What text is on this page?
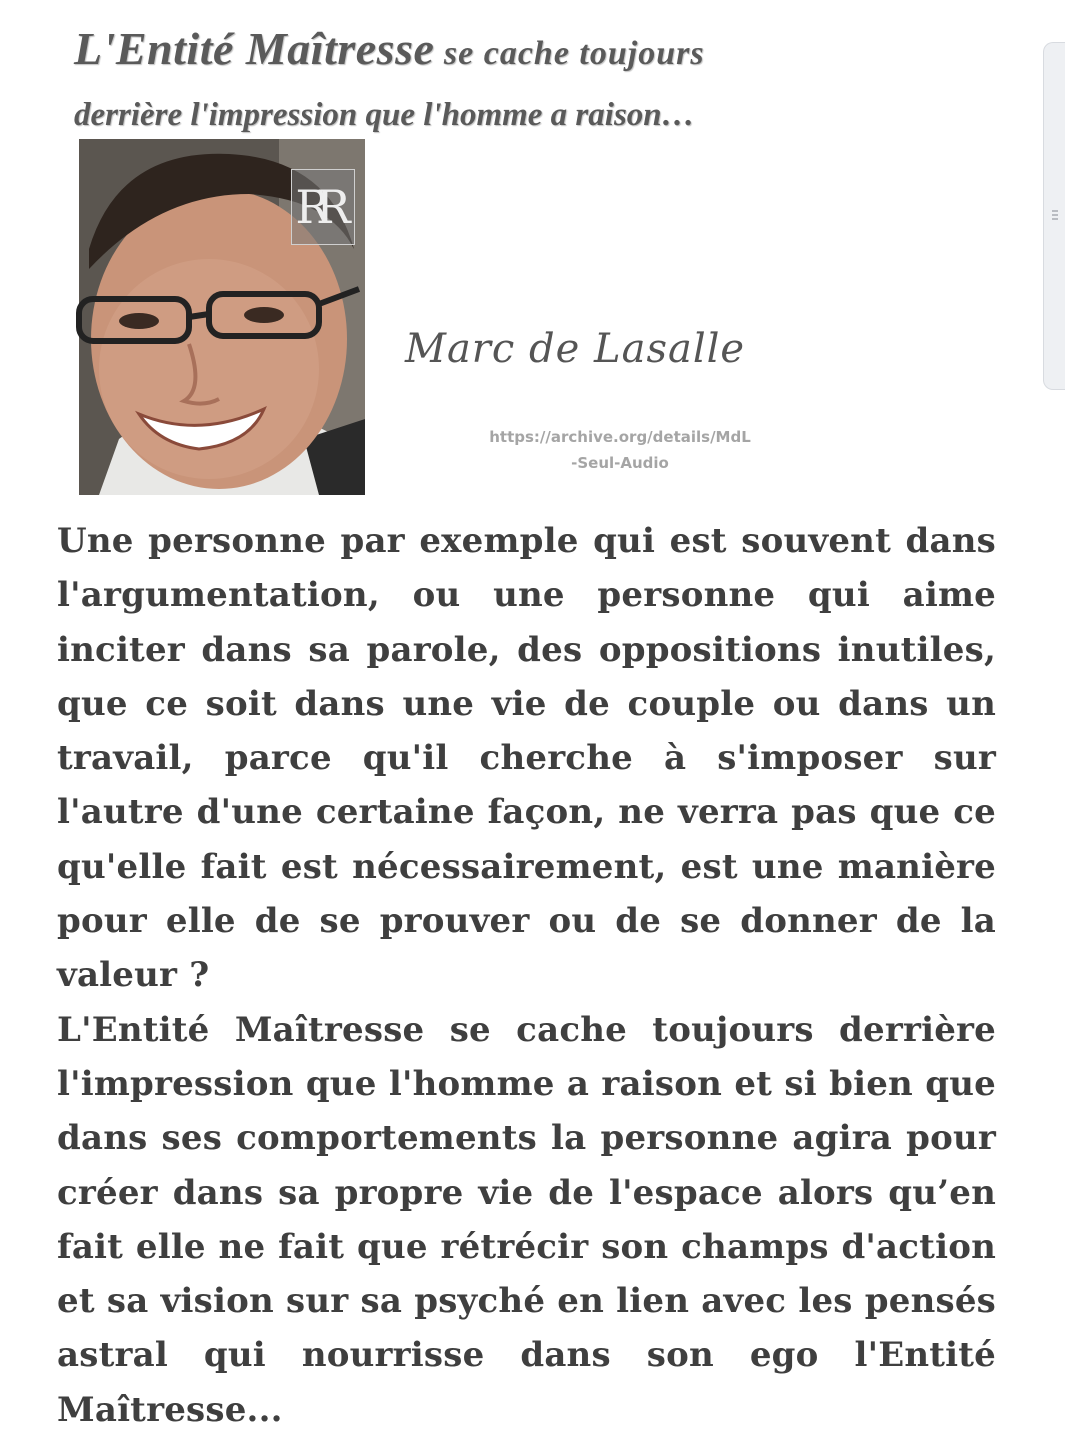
L'Entité Maîtresse se cache toujours
derrière l'impression que l'homme a raison…
RR
Marc de Lasalle
https://archive.org/details/MdL
-Seul-Audio

Une personne par exemple qui est souvent dans l'argumentation, ou une personne qui aime inciter dans sa parole, des oppositions inutiles, que ce soit dans une vie de couple ou dans un travail, parce qu'il cherche à s'imposer sur l'autre d'une certaine façon, ne verra pas que ce qu'elle fait est nécessairement, est une manière pour elle de se prouver ou de se donner de la valeur ?

L'Entité Maîtresse se cache toujours derrière l'impression que l'homme a raison et si bien que dans ses comportements la personne agira pour créer dans sa propre vie de l'espace alors qu’en fait elle ne fait que rétrécir son champs d'action et sa vision sur sa psyché en lien avec les pensés astral qui nourrisse dans son ego l'Entité Maîtresse...
